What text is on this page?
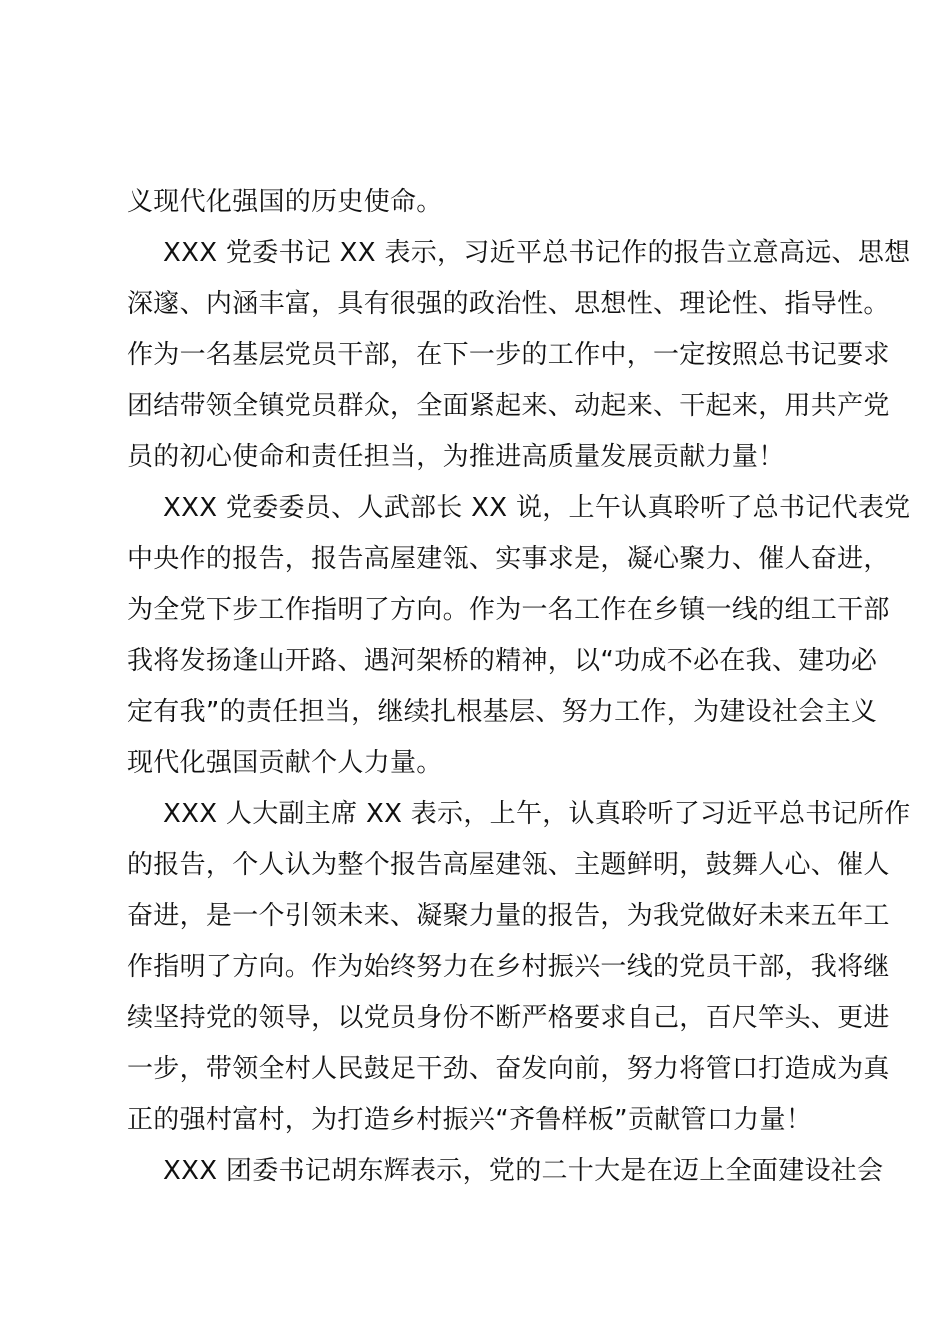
义现代化强国的历史使命。
XXX 党委书记 XX 表示，习近平总书记作的报告立意高远、思想
深邃、内涵丰富，具有很强的政治性、思想性、理论性、指导性。
作为一名基层党员干部，在下一步的工作中，一定按照总书记要求
团结带领全镇党员群众，全面紧起来、动起来、干起来，用共产党
员的初心使命和责任担当，为推进高质量发展贡献力量！
XXX 党委委员、人武部长 XX 说，上午认真聆听了总书记代表党
中央作的报告，报告高屋建瓴、实事求是，凝心聚力、催人奋进，
为全党下步工作指明了方向。作为一名工作在乡镇一线的组工干部
我将发扬逢山开路、遇河架桥的精神，以“功成不必在我、建功必
定有我”的责任担当，继续扎根基层、努力工作，为建设社会主义
现代化强国贡献个人力量。
XXX 人大副主席 XX 表示，上午，认真聆听了习近平总书记所作
的报告，个人认为整个报告高屋建瓴、主题鲜明，鼓舞人心、催人
奋进，是一个引领未来、凝聚力量的报告，为我党做好未来五年工
作指明了方向。作为始终努力在乡村振兴一线的党员干部，我将继
续坚持党的领导，以党员身份不断严格要求自己，百尺竿头、更进
一步，带领全村人民鼓足干劲、奋发向前，努力将管口打造成为真
正的强村富村，为打造乡村振兴“齐鲁样板”贡献管口力量！
XXX 团委书记胡东辉表示，党的二十大是在迈上全面建设社会
